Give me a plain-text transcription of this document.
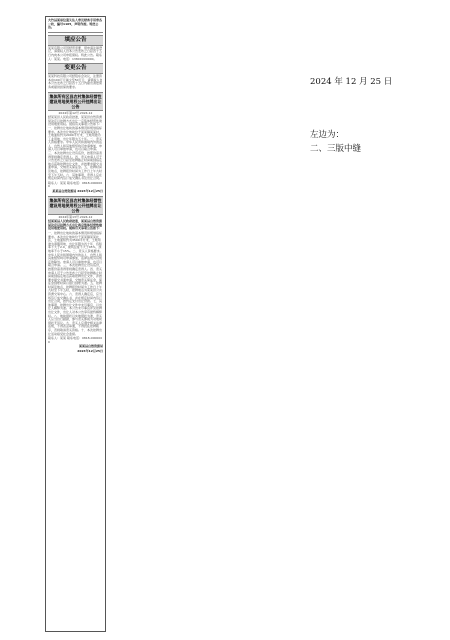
大竹县某单位遗失法人章及财务专用章各一枚，编号1105，声明作废。特此公告。
填应公告
某某有限公司因经营需要，现申请注销登记，请债权人自本公告发布之日起四十五日内向本公司申报债权。特此公告。联系人：某某。电话：138XXXX0000。
变更公告
某某科技有限公司经股东会决议，注册资本由100万元减少至50万元，请债权人自本公告发布之日起四十五日内提出清偿债务或提供担保的要求。
集体所有区县农村集体经营性建设用地使用权公开挂牌出让公告
2024年第12号·2024-12
经某某县人民政府批准，某某县自然资源局决定以挂牌方式出让一宗集体经营性建设用地使用权。现将有关事项公告如下：一、挂牌出让地块的基本情况和规划指标要求。本次出让地块位于某某镇某某村，土地面积约为2000平方米，土地用途为工业用地，出让年限为五十年。二、竞买人资格要求。中华人民共和国境内外的法人、自然人和其他组织均可申请参加，申请人可以单独申请，也可以联合申请。三、本次挂牌出让设有底价，按照价高者得原则确定竞得人。四、竞买申请人可于公告发布之日起至挂牌截止时间前到指定地点获取挂牌出让文件，并按要求提交书面申请，交纳竞买保证金。五、挂牌时间及地点，挂牌报价时间为工作日上午九时至下午五时。六、其他事项，竞得人应在规定时间内签订成交确认书及出让合同。
联系人：某某 联系电话：0818-0000000
某某县自然资源局 2024年12月25日
集体所有区县农村集体经营性建设用地使用权公开挂牌出让公告
2024年第13号·2024-12
经某某县人民政府批准，某某县自然资源局决定以挂牌方式出让两宗集体经营性建设用地使用权。现将有关事项公告如下：
一、挂牌出让地块的基本情况和规划指标要求。本次出让地块位于某某镇某某社区，土地面积约为3500平方米，土地用途为商服用地，出让年限为四十年，容积率不大于2.0，建筑密度不大于45%，绿地率不小于15%。二、竞买人资格要求。中华人民共和国境内外的法人、自然人和其他组织均可申请参加，法律法规另有规定的除外。申请人可以单独申请，也可以联合申请。三、本次挂牌出让设有底价，按照价高者得原则确定竞得人。四、竞买申请人可于公告发布之日起至挂牌截止时间前到指定地点获取挂牌出让文件，并按要求提交书面申请，交纳竞买保证金，保证金到账时间以银行到账为准。五、挂牌时间及地点，挂牌报价时间为工作日上午九时至下午五时，挂牌地点为某某县公共资源交易中心。六、竞得人确定后，应当场签订成交确认书，并在规定时间内签订出让合同，按约定支付出让价款。七、其他事项，挂牌出让文件中未尽事宜，以出让人解释为准。本公告未尽事宜详见挂牌出让文件，出让人对本公告享有最终解释权。八、地块现状以实地现状为准，竞买人应当自行踏勘，参与竞买即视为对地块现状无异议。九、竞买人应遵守相关法律法规，不得恶意串通，不得扰乱挂牌秩序，否则取消竞买资格。十、本次挂牌出让活动接受社会监督。
联系人：某某 联系电话：0818-0000000
某某县自然资源局
2024年12月25日
2024 年 12 月 25 日
左边为：
二、三版中缝
